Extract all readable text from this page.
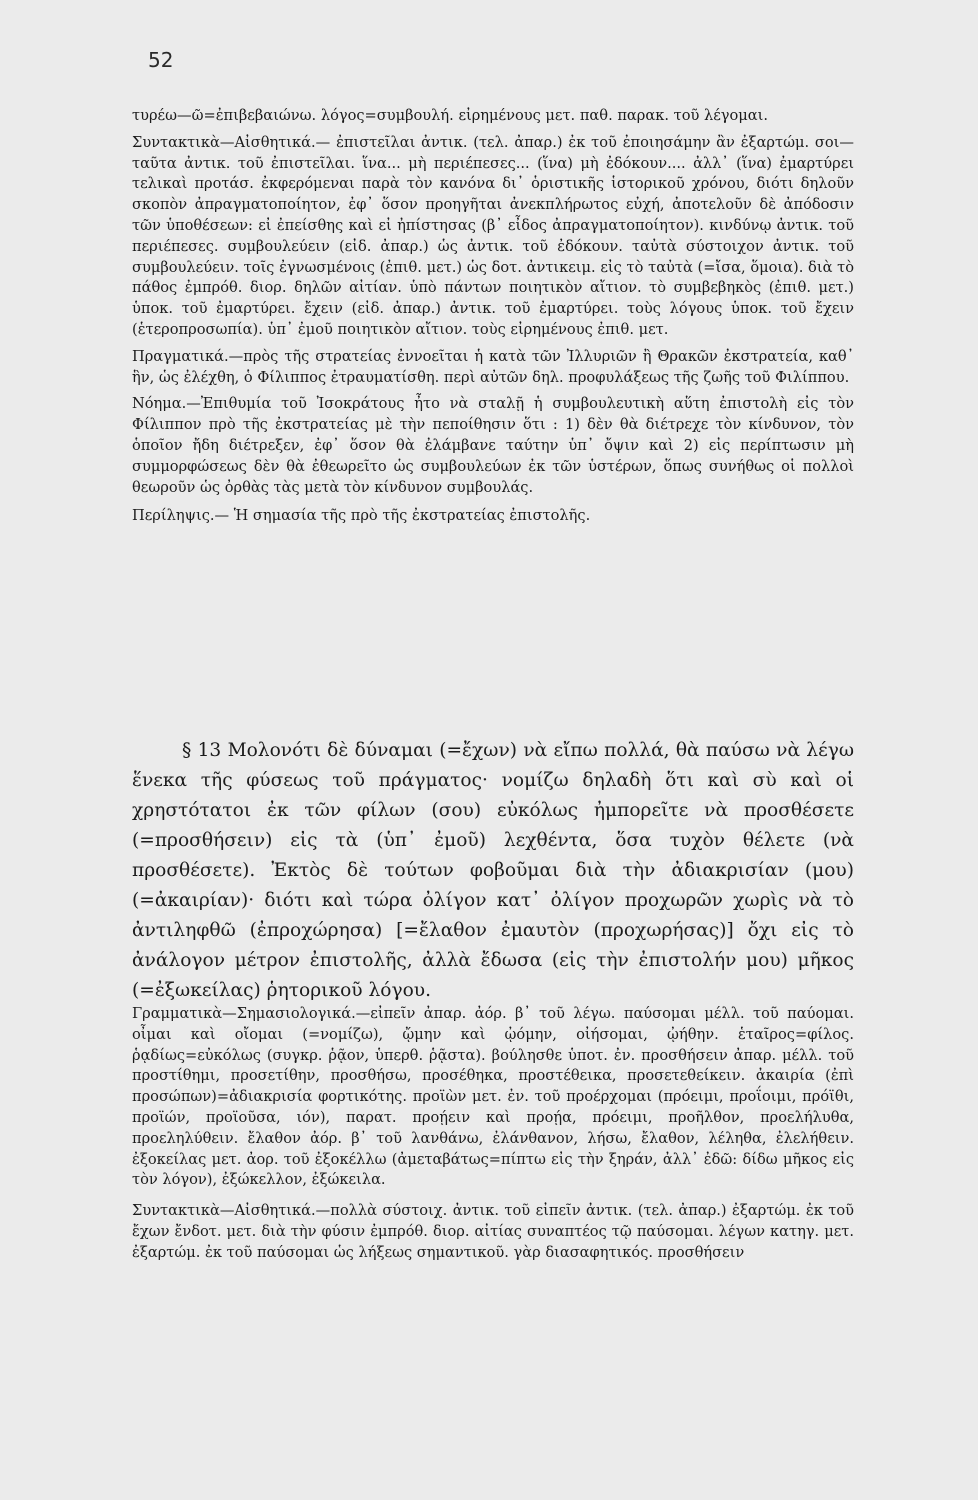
52

τυρέω—ῶ=ἐπιβεβαιώνω. λόγος=συμβουλή. εἰρημένους μετ. παθ. παρακ. τοῦ λέγομαι.

Συντακτικὰ—Αἰσθητικά.— ἐπιστεῖλαι ἀντικ. (τελ. ἀπαρ.) ἐκ τοῦ ἐποιησάμην ἂν ἐξαρτώμ. σοι—ταῦτα ἀντικ. τοῦ ἐπιστεῖλαι. ἵνα... μὴ περιέπεσες... (ἵνα) μὴ ἐδόκουν.... ἀλλ᾽ (ἵνα) ἐμαρτύρει τελικαὶ προτάσ. ἐκφερόμεναι παρὰ τὸν κανόνα δι᾽ ὁριστικῆς ἱστορικοῦ χρόνου, διότι δηλοῦν σκοπὸν ἀπραγματοποίητον, ἐφ᾽ ὅσον προηγῆται ἀνεκπλήρωτος εὐχή, ἀποτελοῦν δὲ ἀπόδοσιν τῶν ὑποθέσεων: εἰ ἐπείσθης καὶ εἰ ἠπίστησας (β᾽ εἶδος ἀπραγματοποίητον). κινδύνῳ ἀντικ. τοῦ περιέπεσες. συμβουλεύειν (εἰδ. ἀπαρ.) ὡς ἀντικ. τοῦ ἐδόκουν. ταὐτὰ σύστοιχον ἀντικ. τοῦ συμβουλεύειν. τοῖς ἐγνωσμένοις (ἐπιθ. μετ.) ὡς δοτ. ἀντικειμ. εἰς τὸ ταὐτὰ (=ἴσα, ὅμοια). διὰ τὸ πάθος ἐμπρόθ. διορ. δηλῶν αἰτίαν. ὑπὸ πάντων ποιητικὸν αἴτιον. τὸ συμβεβηκὸς (ἐπιθ. μετ.) ὑποκ. τοῦ ἐμαρτύρει. ἔχειν (εἰδ. ἀπαρ.) ἀντικ. τοῦ ἐμαρτύρει. τοὺς λόγους ὑποκ. τοῦ ἔχειν (ἑτεροπροσωπία). ὑπ᾽ ἐμοῦ ποιητικὸν αἴτιον. τοὺς εἰρημένους ἐπιθ. μετ.

Πραγματικά.—πρὸς τῆς στρατείας ἐννοεῖται ἡ κατὰ τῶν Ἰλλυριῶν ἢ Θρακῶν ἐκστρατεία, καθ᾽ ἣν, ὡς ἐλέχθη, ὁ Φίλιππος ἐτραυματίσθη. περὶ αὐτῶν δηλ. προφυλάξεως τῆς ζωῆς τοῦ Φιλίππου.

Νόημα.—Ἐπιθυμία τοῦ Ἰσοκράτους ἦτο νὰ σταλῇ ἡ συμβουλευτικὴ αὕτη ἐπιστολὴ εἰς τὸν Φίλιππον πρὸ τῆς ἐκστρατείας μὲ τὴν πεποίθησιν ὅτι : 1) δὲν θὰ διέτρεχε τὸν κίνδυνον, τὸν ὁποῖον ἤδη διέτρεξεν, ἐφ᾽ ὅσον θὰ ἐλάμβανε ταύτην ὑπ᾽ ὄψιν καὶ 2) εἰς περίπτωσιν μὴ συμμορφώσεως δὲν θὰ ἐθεωρεῖτο ὡς συμβουλεύων ἐκ τῶν ὑστέρων, ὅπως συνήθως οἱ πολλοὶ θεωροῦν ὡς ὀρθὰς τὰς μετὰ τὸν κίνδυνον συμβουλάς.

Περίληψις.— Ἡ σημασία τῆς πρὸ τῆς ἐκστρατείας ἐπιστολῆς.

§ 13 Μολονότι δὲ δύναμαι (=ἔχων) νὰ εἴπω πολλά, θὰ παύσω νὰ λέγω ἕνεκα τῆς φύσεως τοῦ πράγματος· νομίζω δηλαδὴ ὅτι καὶ σὺ καὶ οἱ χρηστότατοι ἐκ τῶν φίλων (σου) εὐκόλως ἠμπορεῖτε νὰ προσθέσετε (=προσθήσειν) εἰς τὰ (ὑπ᾽ ἐμοῦ) λεχθέντα, ὅσα τυχὸν θέλετε (νὰ προσθέσετε). Ἐκτὸς δὲ τούτων φοβοῦμαι διὰ τὴν ἀδιακρισίαν (μου) (=ἀκαιρίαν)· διότι καὶ τώρα ὀλίγον κατ᾽ ὀλίγον προχωρῶν χωρὶς νὰ τὸ ἀντιληφθῶ (ἐπροχώρησα) [=ἔλαθον ἐμαυτὸν (προχωρήσας)] ὄχι εἰς τὸ ἀνάλογον μέτρον ἐπιστολῆς, ἀλλὰ ἔδωσα (εἰς τὴν ἐπιστολήν μου) μῆκος (=ἐξωκείλας) ῥητορικοῦ λόγου.

Γραμματικὰ—Σημασιολογικά.—εἰπεῖν ἀπαρ. ἀόρ. β᾽ τοῦ λέγω. παύσομαι μέλλ. τοῦ παύομαι. οἶμαι καὶ οἴομαι (=νομίζω), ᾤμην καὶ ᾠόμην, οἰήσομαι, ᾠήθην. ἑταῖρος=φίλος. ῥᾳδίως=εὐκόλως (συγκρ. ῥᾷον, ὑπερθ. ῥᾷστα). βούλησθε ὑποτ. ἐν. προσθήσειν ἀπαρ. μέλλ. τοῦ προστίθημι, προσετίθην, προσθήσω, προσέθηκα, προστέθεικα, προσετεθείκειν. ἀκαιρία (ἐπὶ προσώπων)=ἀδιακρισία φορτικότης. προϊὼν μετ. ἐν. τοῦ προέρχομαι (πρόειμι, προΐοιμι, πρόϊθι, προϊών, προϊοῦσα, ιόν), παρατ. προῄειν καὶ προῄα, πρόειμι, προῆλθον, προελήλυθα, προεληλύθειν. ἔλαθον ἀόρ. β᾽ τοῦ λανθάνω, ἐλάνθανον, λήσω, ἔλαθον, λέληθα, ἐλελήθειν. ἐξοκείλας μετ. ἀορ. τοῦ ἐξοκέλλω (ἀμεταβάτως=πίπτω εἰς τὴν ξηράν, ἀλλ᾽ ἐδῶ: δίδω μῆκος εἰς τὸν λόγον), ἐξώκελλον, ἐξώκειλα.

Συντακτικὰ—Αἰσθητικά.—πολλὰ σύστοιχ. ἀντικ. τοῦ εἰπεῖν ἀντικ. (τελ. ἀπαρ.) ἐξαρτώμ. ἐκ τοῦ ἔχων ἔνδοτ. μετ. διὰ τὴν φύσιν ἐμπρόθ. διορ. αἰτίας συναπτέος τῷ παύσομαι. λέγων κατηγ. μετ. ἐξαρτώμ. ἐκ τοῦ παύσομαι ὡς λήξεως σημαντικοῦ. γὰρ διασαφητικός. προσθήσειν
